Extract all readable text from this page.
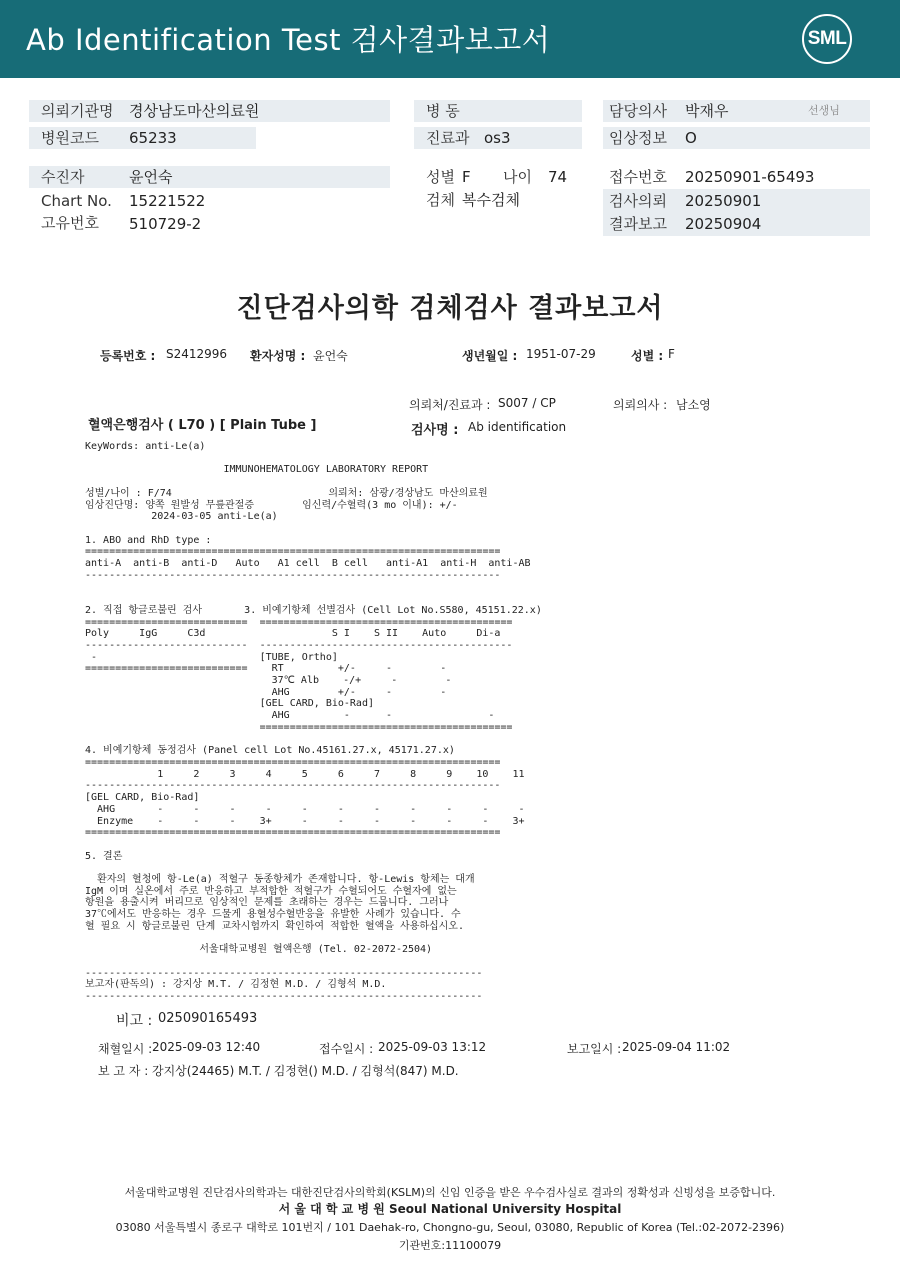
Ab Identification Test 검사결과보고서	SML
의뢰기관명 경상남도마산의료원
병원코드 65233
수진자	윤언숙
Chart No. 15221522
고유번호 510729-2
병 동
진료과 os3
성별 F 나이 74
검체 복수검체
담당의사 박재우	선생님
임상정보 O
접수번호 20250901-65493
검사의뢰 20250901
결과보고 20250904
진단검사의학 검체검사 결과보고서
등록번호 : S2412996 환자성명 : 윤언숙	생년월일 : 1951-07-29	성별 : F
의뢰처/진료과 : S007 / CP	의뢰의사 : 남소영
혈액은행검사 ( L70 ) [ Plain Tube ]	검사명 : Ab identification
KeyWords: anti-Le(a)

IMMUNOHEMATOLOGY LABORATORY REPORT

성별/나이 : F/74                          의뢰처: 삼광/경상남도 마산의료원
임상진단명: 양쪽 원발성 무릎관절증        임신력/수혈력(3 mo 이내): +/-
2024-03-05 anti-Le(a)

1. ABO and RhD type :
=====================================================================
anti-A  anti-B  anti-D   Auto   A1 cell  B cell   anti-A1  anti-H  anti-AB
---------------------------------------------------------------------

2. 직접 항글로불린 검사       3. 비예기항체 선별검사 (Cell Lot No.S580, 45151.22.x)
===========================  ==========================================
Poly     IgG     C3d                     S I    S II    Auto     Di-a
---------------------------  ------------------------------------------
-                           [TUBE, Ortho]
===========================    RT         +/-     -        -
37℃ Alb    -/+     -        -
AHG        +/-     -        -
[GEL CARD, Bio-Rad]
AHG         -      -                -
==========================================

4. 비예기항체 동정검사 (Panel cell Lot No.45161.27.x, 45171.27.x)
=====================================================================
1     2     3     4     5     6     7     8     9    10    11
---------------------------------------------------------------------
[GEL CARD, Bio-Rad]
AHG       -     -     -     -     -     -     -     -     -     -     -
Enzyme    -     -     -    3+     -     -     -     -     -     -    3+
=====================================================================

5. 결론

환자의 혈청에 항-Le(a) 적혈구 동종항체가 존재합니다. 항-Lewis 항체는 대개
IgM 이며 실온에서 주로 반응하고 부적합한 적혈구가 수혈되어도 수혈자에 없는
항원을 용출시켜 버리므로 임상적인 문제를 초래하는 경우는 드뭅니다. 그러나
37℃에서도 반응하는 경우 드물게 용혈성수혈반응을 유발한 사례가 있습니다. 수
혈 필요 시 항글로불린 단계 교차시험까지 확인하여 적합한 혈액을 사용하십시오.

서울대학교병원 혈액은행 (Tel. 02-2072-2504)

------------------------------------------------------------------
보고자(판독의) : 강지상 M.T. / 김정현 M.D. / 김형석 M.D.
------------------------------------------------------------------
비고 : 025090165493
채혈일시 : 2025-09-03 12:40	접수일시 : 2025-09-03 13:12	보고일시 : 2025-09-04 11:02
보 고 자 : 강지상(24465) M.T. / 김정현() M.D. / 김형석(847) M.D.
서울대학교병원 진단검사의학과는 대한진단검사의학회(KSLM)의 신임 인증을 받은 우수검사실로 결과의 정확성과 신빙성을 보증합니다.
서 울 대 학 교 병 원 Seoul National University Hospital
03080 서울특별시 종로구 대학로 101번지 / 101 Daehak-ro, Chongno-gu, Seoul, 03080, Republic of Korea (Tel.:02-2072-2396)
기관번호:11100079
